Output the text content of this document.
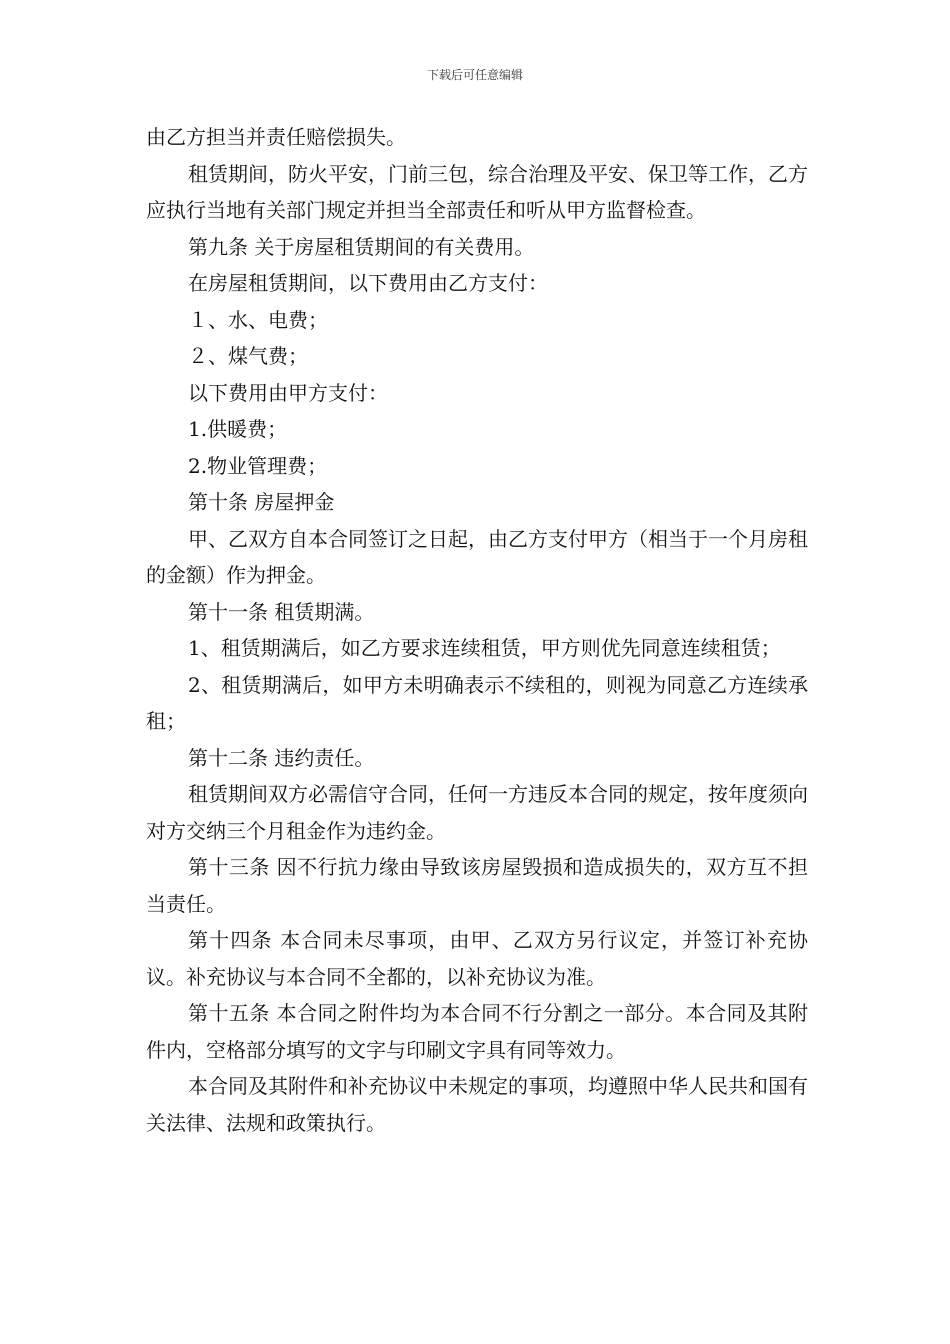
下载后可任意编辑

由乙方担当并责任赔偿损失。

租赁期间，防火平安，门前三包，综合治理及平安、保卫等工作，乙方应执行当地有关部门规定并担当全部责任和听从甲方监督检查。

第九条 关于房屋租赁期间的有关费用。

在房屋租赁期间，以下费用由乙方支付：

１、水、电费；

２、煤气费；

以下费用由甲方支付：

1.供暖费；

2.物业管理费；

第十条 房屋押金

甲、乙双方自本合同签订之日起，由乙方支付甲方（相当于一个月房租的金额）作为押金。

第十一条 租赁期满。

1、租赁期满后，如乙方要求连续租赁，甲方则优先同意连续租赁；

2、租赁期满后，如甲方未明确表示不续租的，则视为同意乙方连续承租；

第十二条 违约责任。

租赁期间双方必需信守合同，任何一方违反本合同的规定，按年度须向对方交纳三个月租金作为违约金。

第十三条 因不行抗力缘由导致该房屋毁损和造成损失的，双方互不担当责任。

第十四条 本合同未尽事项，由甲、乙双方另行议定，并签订补充协议。补充协议与本合同不全都的，以补充协议为准。

第十五条 本合同之附件均为本合同不行分割之一部分。本合同及其附件内，空格部分填写的文字与印刷文字具有同等效力。

本合同及其附件和补充协议中未规定的事项，均遵照中华人民共和国有关法律、法规和政策执行。
